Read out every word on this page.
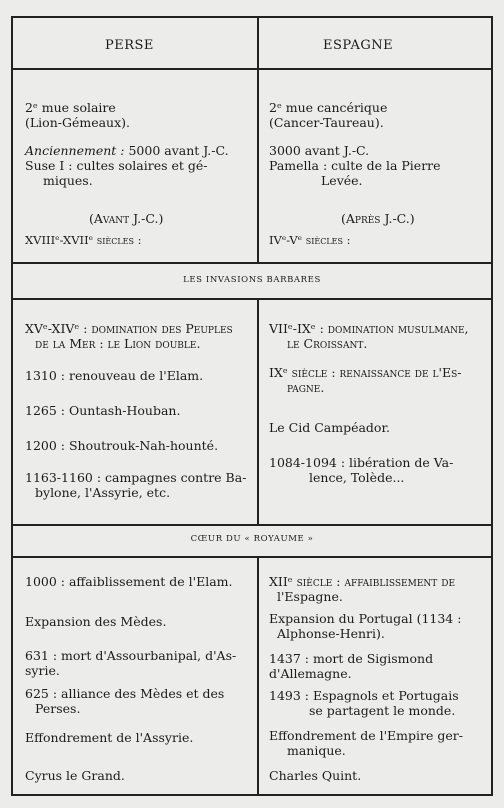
PERSE	ESPAGNE
LES INVASIONS BARBARES
CŒUR DU « ROYAUME »
2ᵉ mue solaire
(Lion-Gémeaux).
Anciennement : 5000 avant J.-C.
Suse I : cultes solaires et gé-

miques.
(Avant J.-C.)
XVIIIᵉ-XVIIᵉ siècles :
2ᵉ mue cancérique
(Cancer-Taureau).
3000 avant J.-C.
Pamella : culte de la Pierre

Levée.
(Après J.-C.)
IVᵉ-Vᵉ siècles :
XVᵉ-XIVᵉ : domination des Peuples

de la Mer : le Lion double.
1310 : renouveau de l'Elam.
1265 : Ountash-Houban.
1200 : Shoutrouk-Nah-hounté.
1163-1160 : campagnes contre Ba-

bylone, l'Assyrie, etc.
VIIᵉ-IXᵉ : domination musulmane,

le Croissant.
IXᵉ siècle : renaissance de l'Es-

pagne.
Le Cid Campéador.
1084-1094 : libération de Va-

lence, Tolède...
1000 : affaiblissement de l'Elam.
Expansion des Mèdes.
631 : mort d'Assourbanipal, d'As-
syrie.
625 : alliance des Mèdes et des

Perses.
Effondrement de l'Assyrie.
Cyrus le Grand.
XIIᵉ siècle : affaiblissement de

l'Espagne.
Expansion du Portugal (1134 :

Alphonse-Henri).
1437 : mort de Sigismond
d'Allemagne.
1493 : Espagnols et Portugais

se partagent le monde.
Effondrement de l'Empire ger-

manique.
Charles Quint.
